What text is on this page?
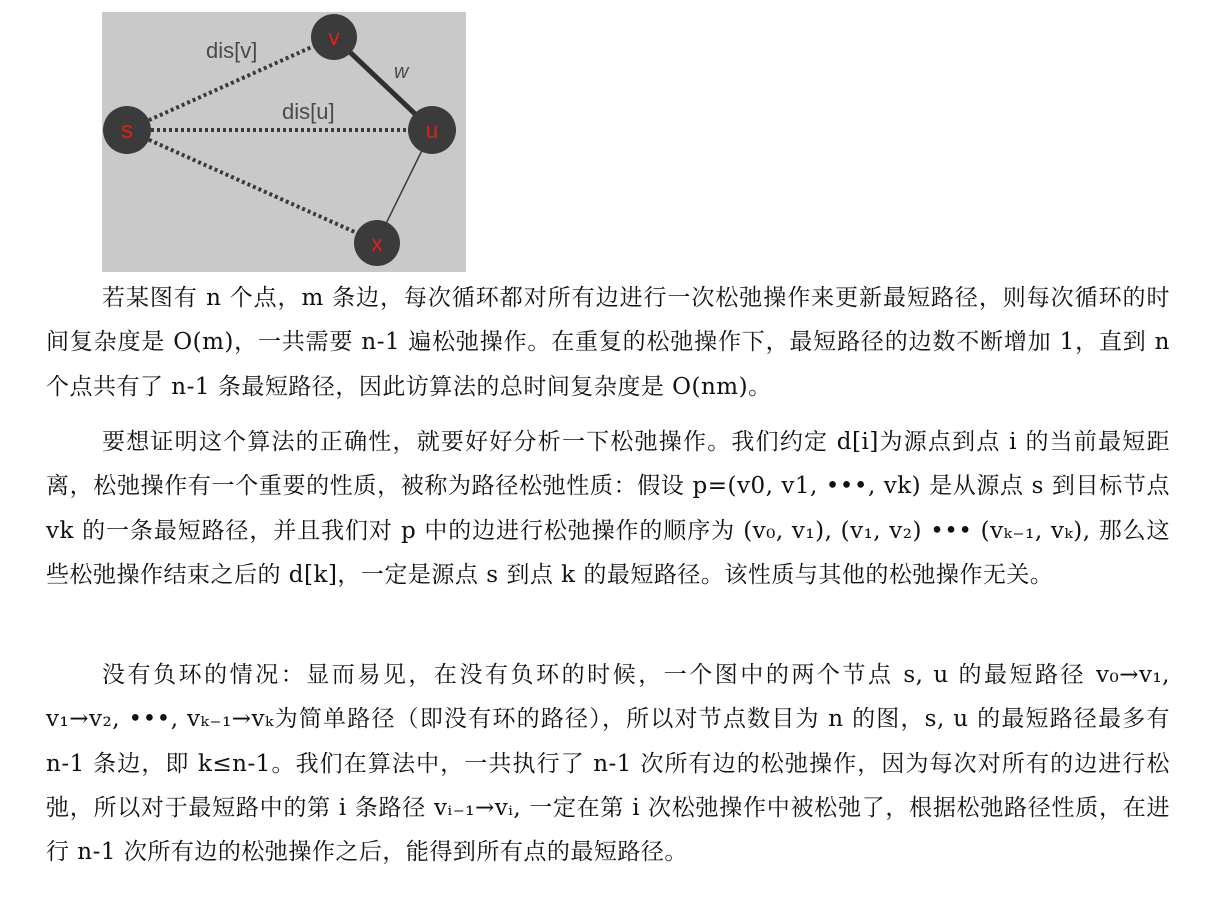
dis[v]
dis[u]
w
v
s	u
x

若某图有 n 个点，m 条边，每次循环都对所有边进行一次松弛操作来更新最短路径，则每次循环的时间复杂度是 O(m)，一共需要 n-1 遍松弛操作。在重复的松弛操作下，最短路径的边数不断增加 1，直到 n 个点共有了 n-1 条最短路径，因此访算法的总时间复杂度是 O(nm)。

要想证明这个算法的正确性，就要好好分析一下松弛操作。我们约定 d[i]为源点到点 i 的当前最短距离，松弛操作有一个重要的性质，被称为路径松弛性质：假设 p=(v0, v1, •••, vk) 是从源点 s 到目标节点 vk 的一条最短路径，并且我们对 p 中的边进行松弛操作的顺序为 (v₀, v₁), (v₁, v₂) ••• (vₖ₋₁, vₖ), 那么这些松弛操作结束之后的 d[k]，一定是源点 s 到点 k 的最短路径。该性质与其他的松弛操作无关。

没有负环的情况：显而易见，在没有负环的时候，一个图中的两个节点 s, u 的最短路径 v₀→v₁, v₁→v₂, •••, vₖ₋₁→vₖ为简单路径（即没有环的路径），所以对节点数目为 n 的图，s, u 的最短路径最多有 n-1 条边，即 k≤n-1。我们在算法中，一共执行了 n-1 次所有边的松弛操作，因为每次对所有的边进行松弛，所以对于最短路中的第 i 条路径 vᵢ₋₁→vᵢ, 一定在第 i 次松弛操作中被松弛了，根据松弛路径性质，在进行 n-1 次所有边的松弛操作之后，能得到所有点的最短路径。
